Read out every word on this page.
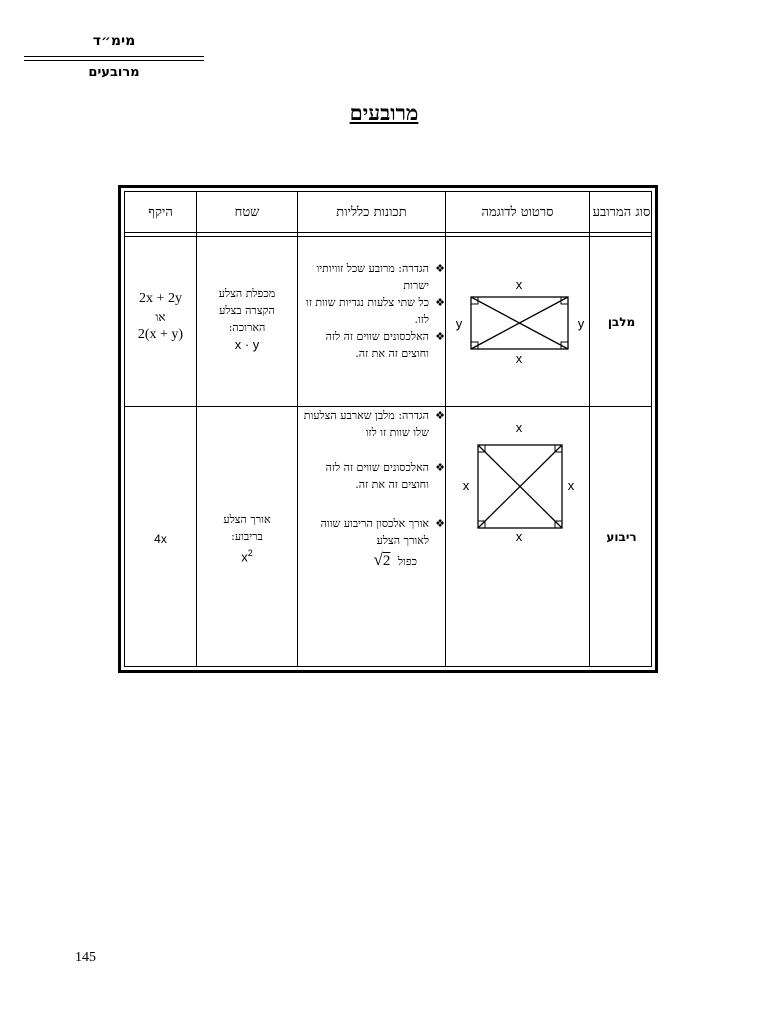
מימ״ד
מרובעים
מרובעים
סוג המרובע
סרטוט לדוגמה
תכונות כלליות
שטח
היקף
מלבן
x
x
y	y
❖
הגדרה: מרובע שכל זוויותיו ישרות
❖
כל שתי צלעות נגדיות שוות זו לזו.
❖
האלכסונים שווים זה לזה וחוצים זה את זה.
מכפלת הצלע
הקצרה בצלע
הארוכה:
x · y
2x + 2y
או
2(x + y)
ריבוע
x
x
x	x
❖
הגדרה: מלבן שארבע הצלעות שלו שוות זו לזו
❖
האלכסונים שווים זה לזה וחוצים זה את זה.
❖
אורך אלכסון הריבוע שווה לאורך הצלע
כפול √2
אורך הצלע
בריבוע:
$x^2$
4x
145
